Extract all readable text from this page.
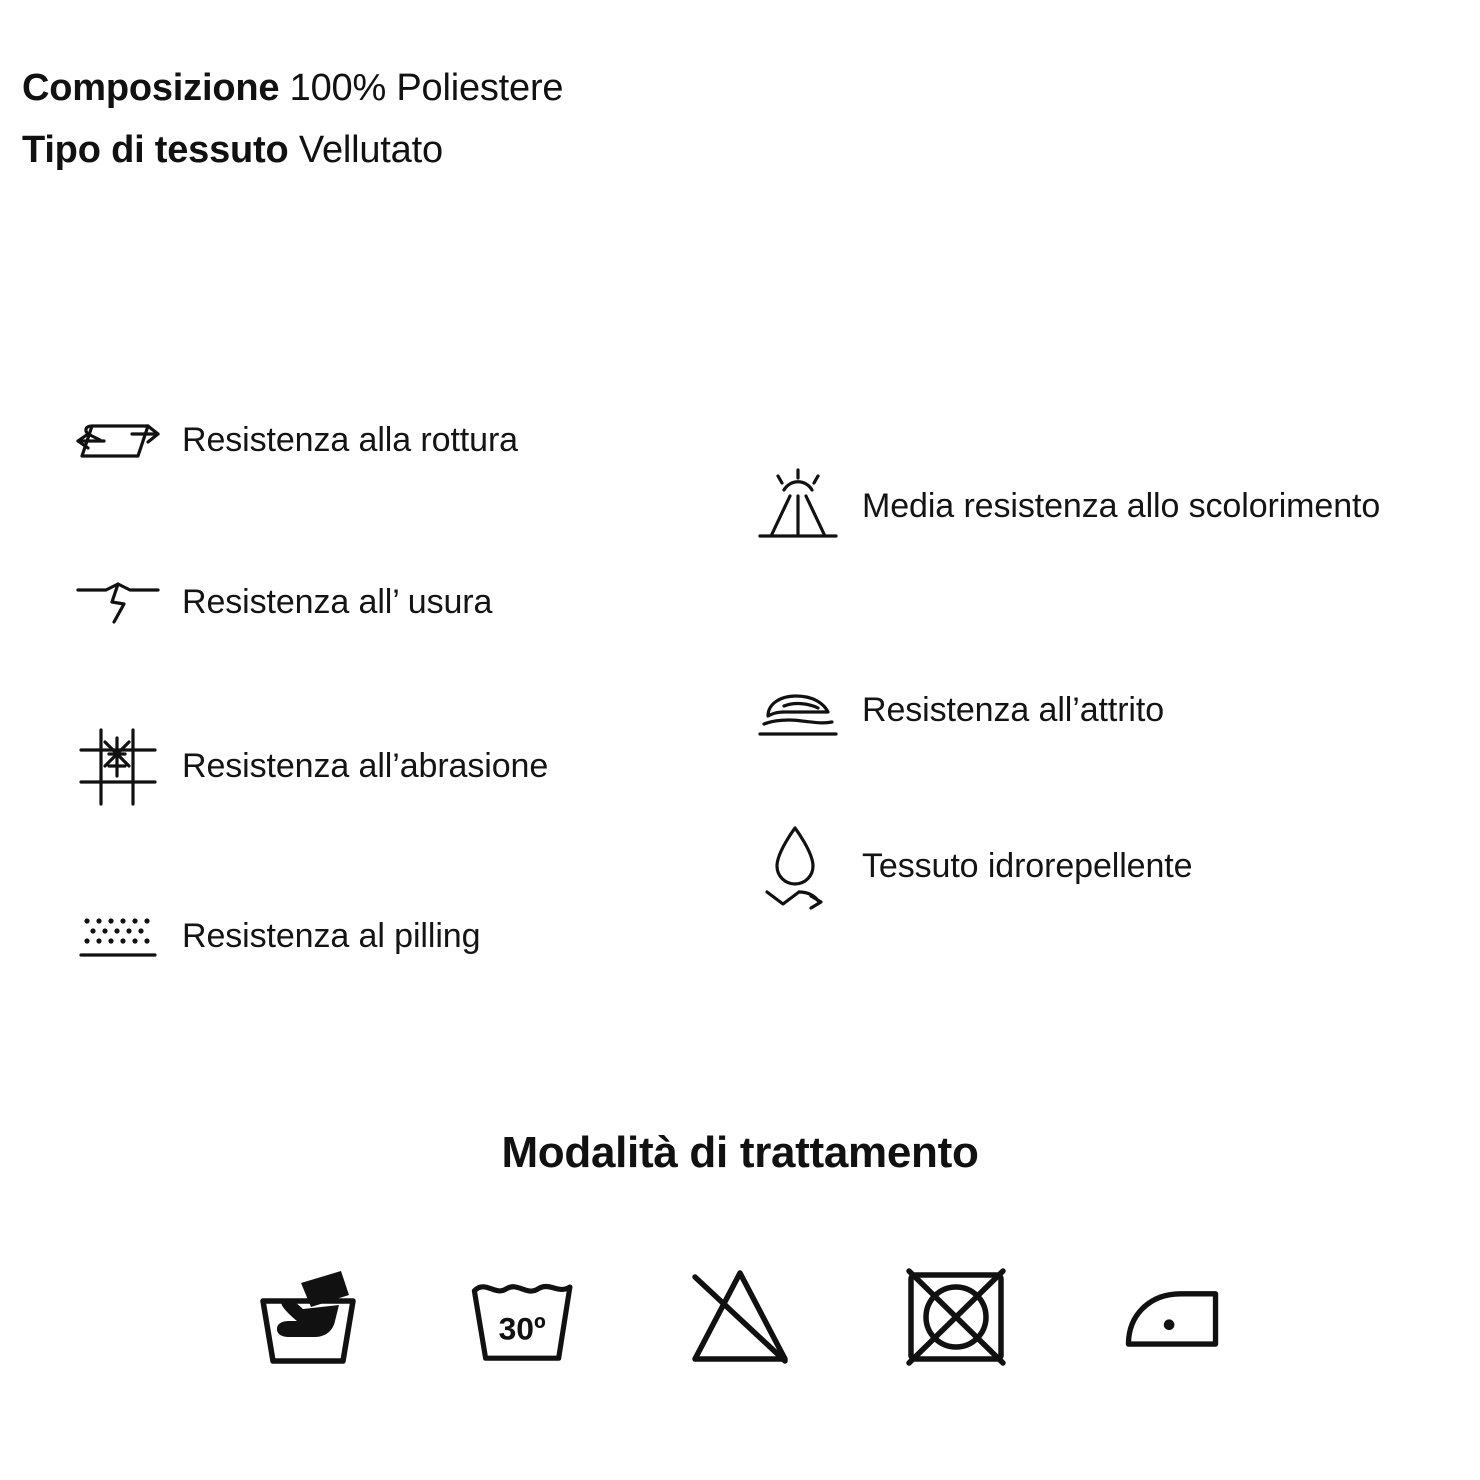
Composizione 100% Poliestere
Tipo di tessuto Vellutato
Resistenza alla rottura
Resistenza all’ usura
Resistenza all’abrasione
Resistenza al pilling
Media resistenza allo scolorimento
Resistenza all’attrito
Tessuto idrorepellente
Modalità di trattamento
30º
